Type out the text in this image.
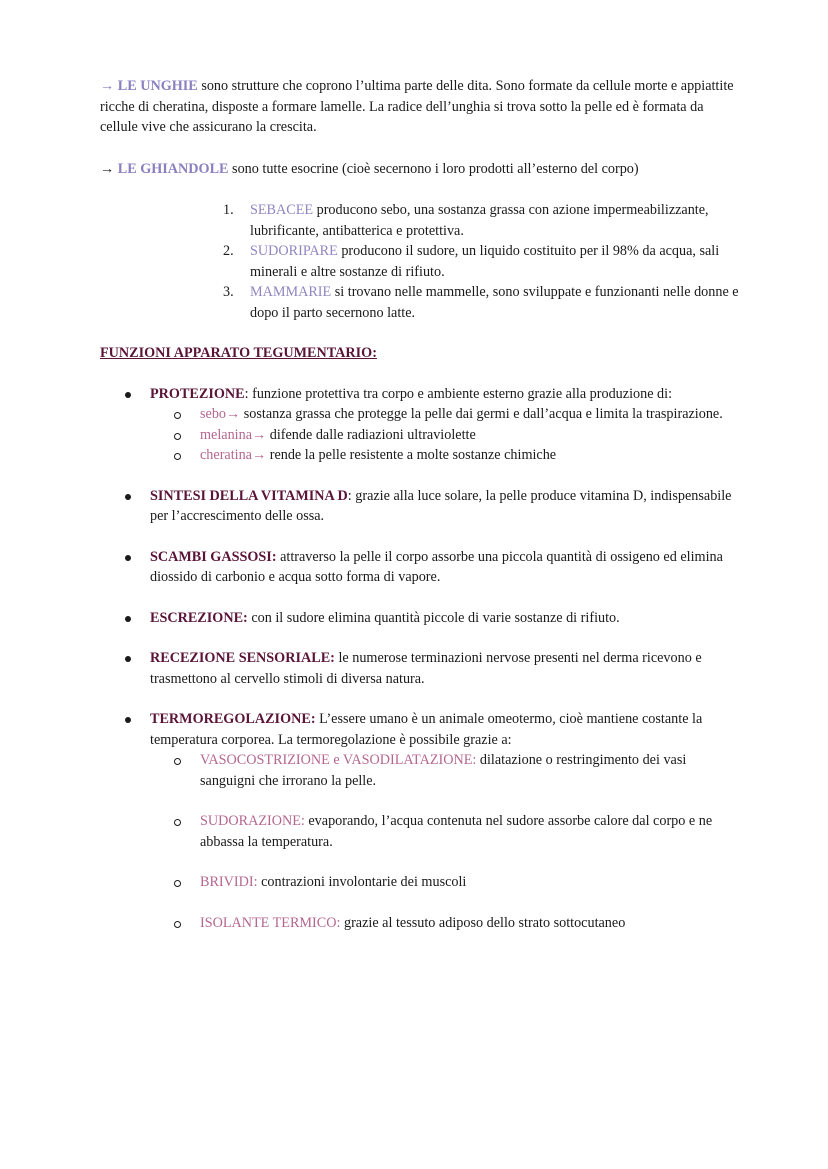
→ LE UNGHIE sono strutture che coprono l’ultima parte delle dita. Sono formate da cellule morte e appiattite ricche di cheratina, disposte a formare lamelle. La radice dell’unghia si trova sotto la pelle ed è formata da cellule vive che assicurano la crescita.

→ LE GHIANDOLE sono tutte esocrine (cioè secernono i loro prodotti all’esterno del corpo)

1. SEBACEE producono sebo, una sostanza grassa con azione impermeabilizzante, lubrificante, antibatterica e protettiva.
2. SUDORIPARE producono il sudore, un liquido costituito per il 98% da acqua, sali minerali e altre sostanze di rifiuto.
3. MAMMARIE si trovano nelle mammelle, sono sviluppate e funzionanti nelle donne e dopo il parto secernono latte.

FUNZIONI APPARATO TEGUMENTARIO:

PROTEZIONE: funzione protettiva tra corpo e ambiente esterno grazie alla produzione di:
sebo→ sostanza grassa che protegge la pelle dai germi e dall’acqua e limita la traspirazione.
melanina→ difende dalle radiazioni ultraviolette
cheratina→ rende la pelle resistente a molte sostanze chimiche
SINTESI DELLA VITAMINA D: grazie alla luce solare, la pelle produce vitamina D, indispensabile per l’accrescimento delle ossa.
SCAMBI GASSOSI: attraverso la pelle il corpo assorbe una piccola quantità di ossigeno ed elimina diossido di carbonio e acqua sotto forma di vapore.
ESCREZIONE: con il sudore elimina quantità piccole di varie sostanze di rifiuto.
RECEZIONE SENSORIALE: le numerose terminazioni nervose presenti nel derma ricevono e trasmettono al cervello stimoli di diversa natura.
TERMOREGOLAZIONE: L’essere umano è un animale omeotermo, cioè mantiene costante la temperatura corporea. La termoregolazione è possibile grazie a:
VASOCOSTRIZIONE e VASODILATAZIONE: dilatazione o restringimento dei vasi sanguigni che irrorano la pelle.
SUDORAZIONE: evaporando, l’acqua contenuta nel sudore assorbe calore dal corpo e ne abbassa la temperatura.
BRIVIDI: contrazioni involontarie dei muscoli
ISOLANTE TERMICO: grazie al tessuto adiposo dello strato sottocutaneo
